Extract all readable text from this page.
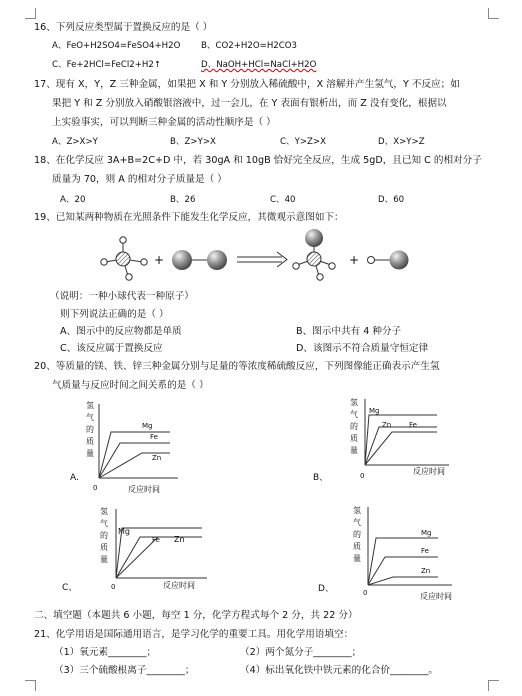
16、下列反应类型属于置换反应的是（ ）
A、FeO+H2SO4=FeSO4+H2O B、CO2+H2O=H2CO3
C、Fe+2HCl=FeCl2+H2↑	D、NaOH+HCl=NaCl+H2O
17、现有 X，Y，Z 三种金属，如果把 X 和 Y 分别放入稀硫酸中，X 溶解并产生氢气，Y 不反应；如
果把 Y 和 Z 分别放入硝酸银溶液中，过一会儿，在 Y 表面有银析出，而 Z 没有变化，根据以
上实验事实，可以判断三种金属的活动性顺序是（ ）
A、Z>X>Y	B、Z>Y>X	C、Y>Z>X	D、X>Y>Z
18、在化学反应 3A+B=2C+D 中，若 30gA 和 10gB 恰好完全反应，生成 5gD，且已知 C 的相对分子
质量为 70，则 A 的相对分子质量是（ ）
A、20	B、26	C、40	D、60
19、已知某两种物质在光照条件下能发生化学反应，其微观示意图如下：
+	+
（说明：一种小球代表一种原子）
则下列说法正确的是（ ）
A、图示中的反应物都是单质	B、图示中共有 4 种分子
C、该反应属于置换反应	D、该图示不符合质量守恒定律
20、等质量的镁、铁、锌三种金属分别与足量的等浓度稀硫酸反应，下列图像能正确表示产生氢
气质量与反应时间之间关系的是（ ）
氢
气
的
质
量
0	反应时间
A.
Mg
Fe
Zn
氢
气
的
质
量
0	反应时间
B、
Mg
Zn	Fe
氢
气
的
质
量
0	反应时间
C、
Mg
Fe Zn
氢
气
的
质
量
0	反应时间
D、
Mg
Fe
Zn
二、填空题（本题共 6 小题，每空 1 分，化学方程式每个 2 分，共 22 分）
21、化学用语是国际通用语言，是学习化学的重要工具。用化学用语填空：
（1）氧元素________；	（2）两个氮分子________；
（3）三个硫酸根离子________；	（4）标出氧化铁中铁元素的化合价________。
